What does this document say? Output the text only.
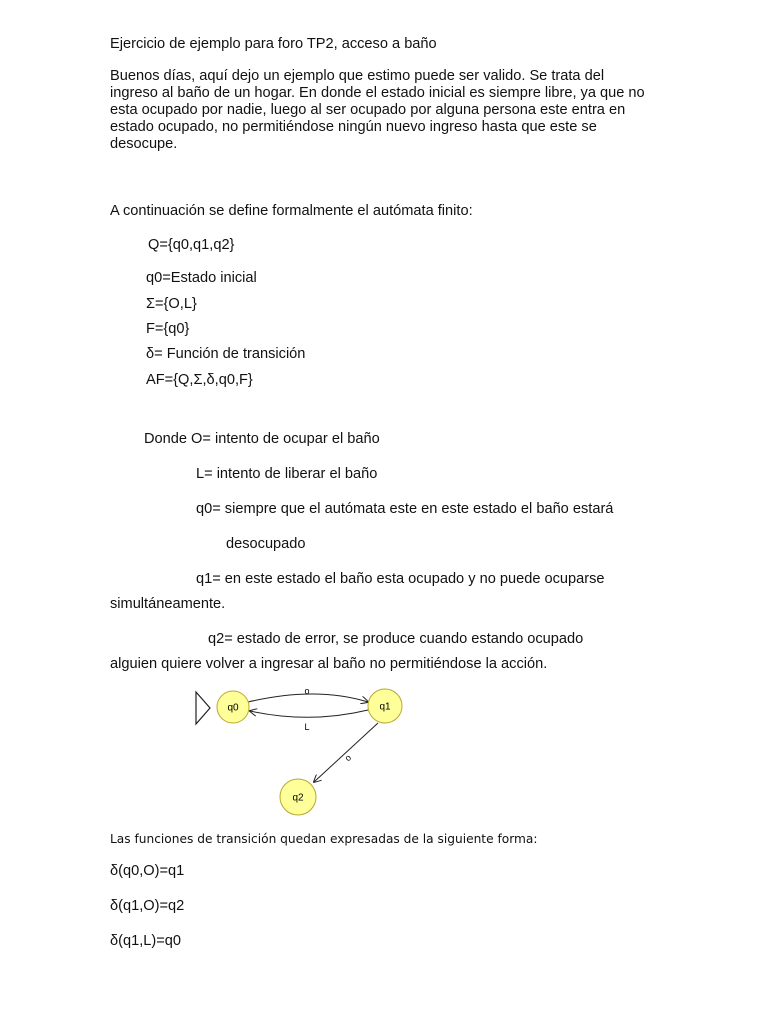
Ejercicio de ejemplo para foro TP2, acceso a baño

Buenos días, aquí dejo un ejemplo que estimo puede ser valido. Se trata del ingreso al baño de un hogar. En donde el estado inicial es siempre libre, ya que no esta ocupado por nadie, luego al ser ocupado por alguna persona este entra en estado ocupado, no permitiéndose ningún nuevo ingreso hasta que este se desocupe.

A continuación se define formalmente el autómata finito:

Q={q0,q1,q2}

q0=Estado inicial

Σ={O,L}

F={q0}

δ= Función de transición

AF={Q,Σ,δ,q0,F}

Donde O= intento de ocupar el baño

L= intento de liberar el baño

q0= siempre que el autómata este en este estado el baño estará

desocupado

q1= en este estado el baño esta ocupado y no puede ocuparse

simultáneamente.

q2= estado de error, se produce cuando estando ocupado

alguien quiere volver a ingresar al baño no permitiéndose la acción.

q0	q1
q2
o
L
o

Las funciones de transición quedan expresadas de la siguiente forma:

δ(q0,O)=q1

δ(q1,O)=q2

δ(q1,L)=q0
